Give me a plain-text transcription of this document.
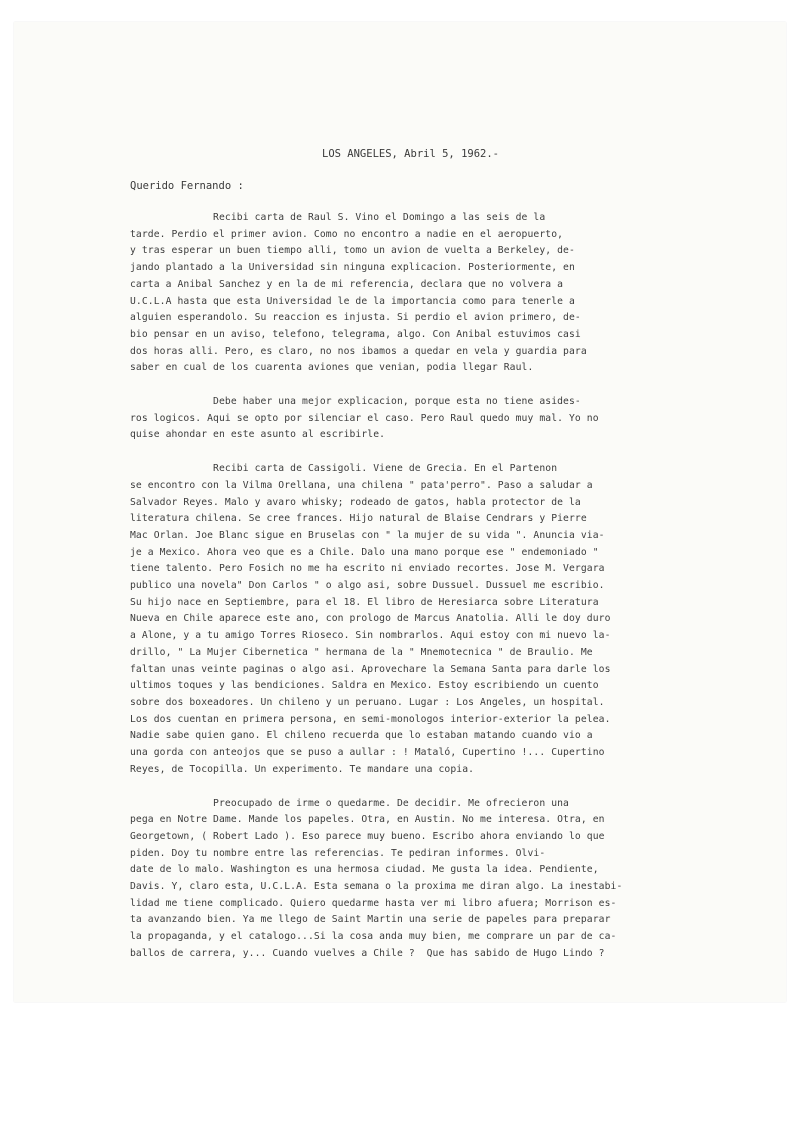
LOS ANGELES, Abril 5, 1962.-
Querido Fernando :
Recibi carta de Raul S. Vino el Domingo a las seis de la
tarde. Perdio el primer avion. Como no encontro a nadie en el aeropuerto,
y tras esperar un buen tiempo alli, tomo un avion de vuelta a Berkeley, de-
jando plantado a la Universidad sin ninguna explicacion. Posteriormente, en
carta a Anibal Sanchez y en la de mi referencia, declara que no volvera a
U.C.L.A hasta que esta Universidad le de la importancia como para tenerle a
alguien esperandolo. Su reaccion es injusta. Si perdio el avion primero, de-
bio pensar en un aviso, telefono, telegrama, algo. Con Anibal estuvimos casi
dos horas alli. Pero, es claro, no nos ibamos a quedar en vela y guardia para
saber en cual de los cuarenta aviones que venian, podia llegar Raul.
Debe haber una mejor explicacion, porque esta no tiene asides-
ros logicos. Aqui se opto por silenciar el caso. Pero Raul quedo muy mal. Yo no
quise ahondar en este asunto al escribirle.
Recibi carta de Cassigoli. Viene de Grecia. En el Partenon
se encontro con la Vilma Orellana, una chilena " pata'perro". Paso a saludar a
Salvador Reyes. Malo y avaro whisky; rodeado de gatos, habla protector de la
literatura chilena. Se cree frances. Hijo natural de Blaise Cendrars y Pierre
Mac Orlan. Joe Blanc sigue en Bruselas con " la mujer de su vida ". Anuncia via-
je a Mexico. Ahora veo que es a Chile. Dalo una mano porque ese " endemoniado "
tiene talento. Pero Fosich no me ha escrito ni enviado recortes. Jose M. Vergara
publico una novela" Don Carlos " o algo asi, sobre Dussuel. Dussuel me escribio.
Su hijo nace en Septiembre, para el 18. El libro de Heresiarca sobre Literatura
Nueva en Chile aparece este ano, con prologo de Marcus Anatolia. Alli le doy duro
a Alone, y a tu amigo Torres Rioseco. Sin nombrarlos. Aqui estoy con mi nuevo la-
drillo, " La Mujer Cibernetica " hermana de la " Mnemotecnica " de Braulio. Me
faltan unas veinte paginas o algo asi. Aprovechare la Semana Santa para darle los
ultimos toques y las bendiciones. Saldra en Mexico. Estoy escribiendo un cuento
sobre dos boxeadores. Un chileno y un peruano. Lugar : Los Angeles, un hospital.
Los dos cuentan en primera persona, en semi-monologos interior-exterior la pelea.
Nadie sabe quien gano. El chileno recuerda que lo estaban matando cuando vio a
una gorda con anteojos que se puso a aullar : ! Mataló, Cupertino !... Cupertino
Reyes, de Tocopilla. Un experimento. Te mandare una copia.
Preocupado de irme o quedarme. De decidir. Me ofrecieron una
pega en Notre Dame. Mande los papeles. Otra, en Austin. No me interesa. Otra, en
Georgetown, ( Robert Lado ). Eso parece muy bueno. Escribo ahora enviando lo que
piden. Doy tu nombre entre las referencias. Te pediran informes. Olvi-
date de lo malo. Washington es una hermosa ciudad. Me gusta la idea. Pendiente,
Davis. Y, claro esta, U.C.L.A. Esta semana o la proxima me diran algo. La inestabi-
lidad me tiene complicado. Quiero quedarme hasta ver mi libro afuera; Morrison es-
ta avanzando bien. Ya me llego de Saint Martin una serie de papeles para preparar
la propaganda, y el catalogo...Si la cosa anda muy bien, me comprare un par de ca-
ballos de carrera, y... Cuando vuelves a Chile ?  Que has sabido de Hugo Lindo ?
